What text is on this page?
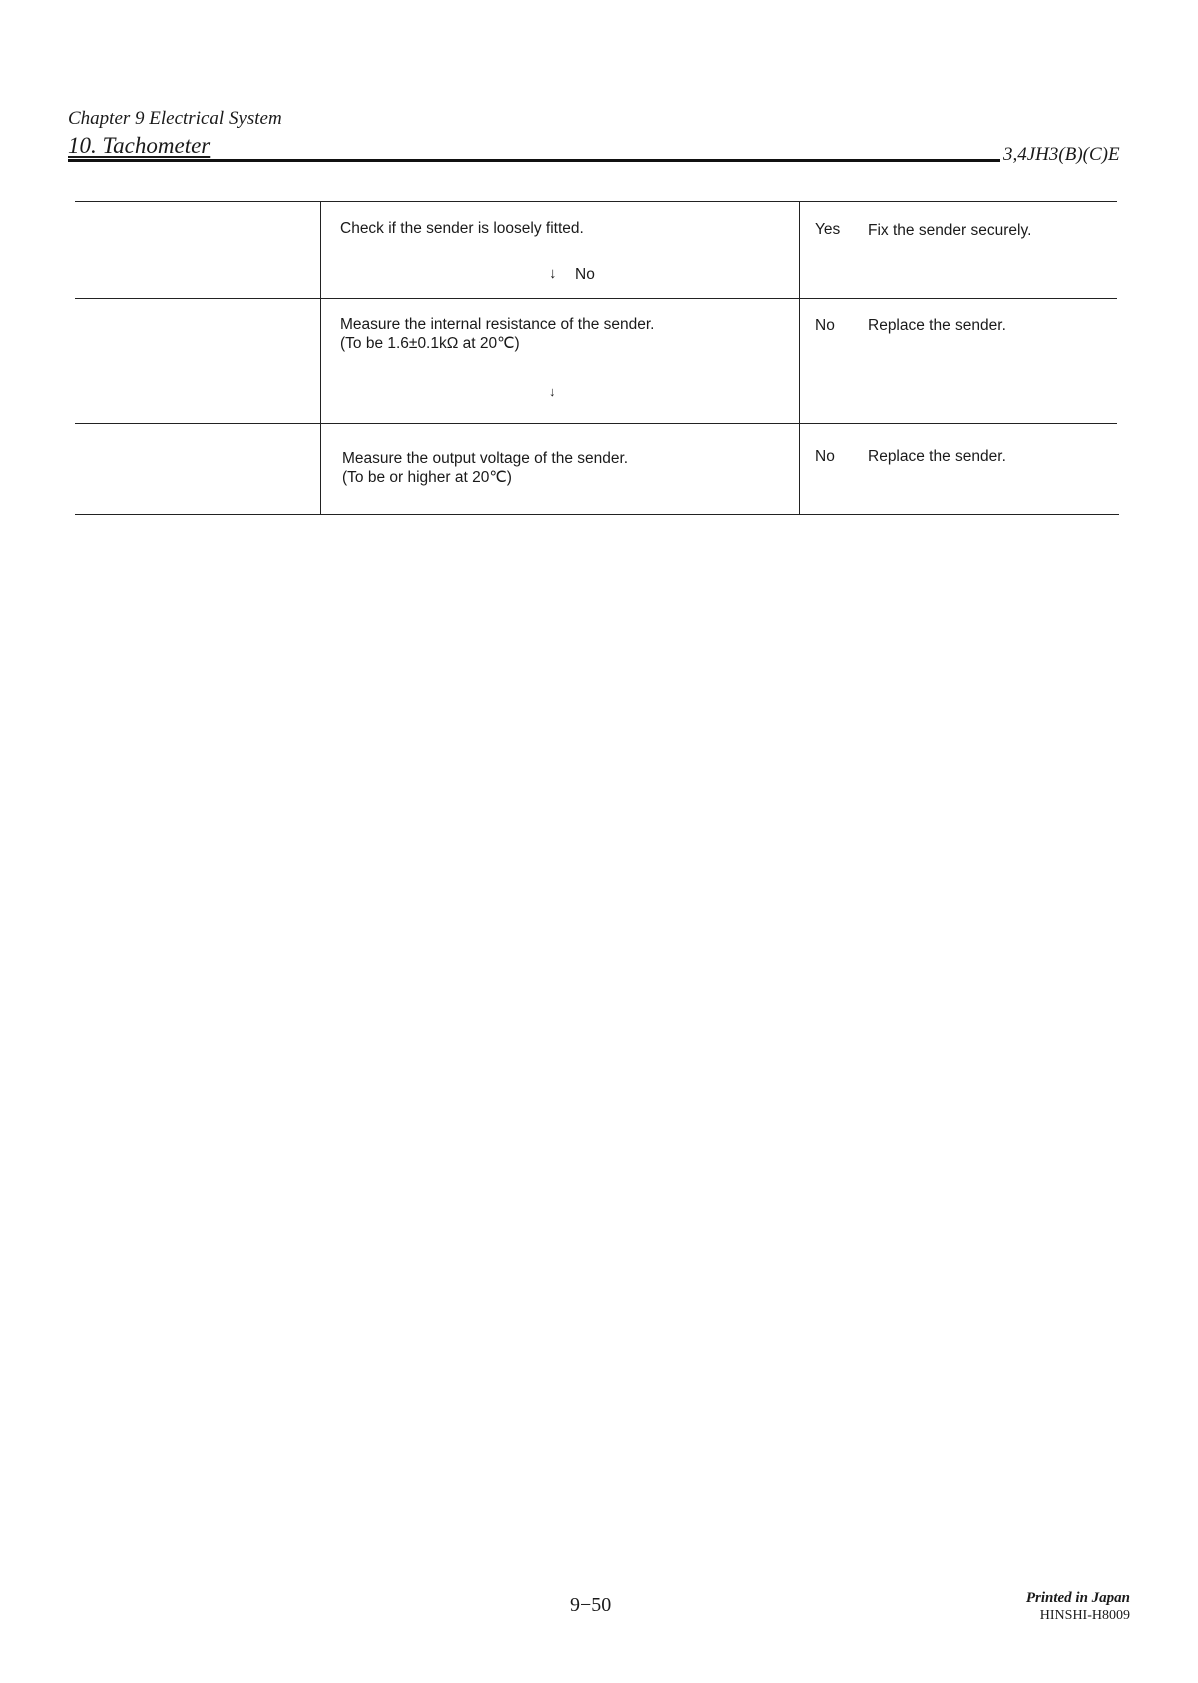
Chapter 9 Electrical System
10. Tachometer	3,4JH3(B)(C)E
Check if the sender is loosely fitted.
↓ No
Yes Fix the sender securely.
Measure the internal resistance of the sender.
(To be 1.6±0.1kΩ at 20℃)
↓
No Replace the sender.
Measure the output voltage of the sender.
(To be or higher at 20℃)
No Replace the sender.
9−50	Printed in Japan
HINSHI-H8009
